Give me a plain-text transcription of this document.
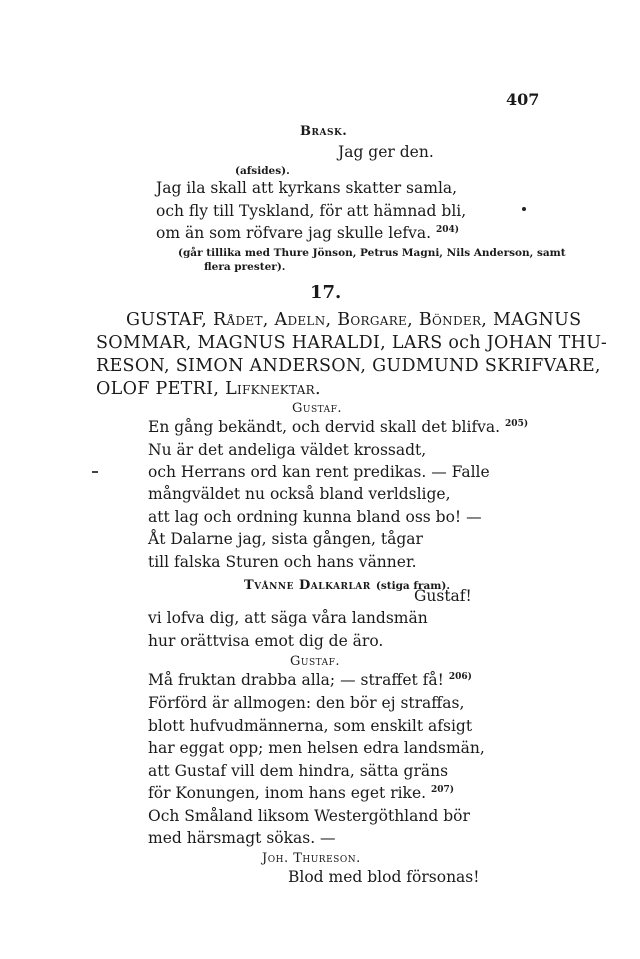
407
Brask.
Jag ger den.
(afsides).
Jag ila skall att kyrkans skatter samla,
och fly till Tyskland, för att hämnad bli,
om än som röfvare jag skulle lefva. $^{204)}$
(går tillika med Thure Jönson, Petrus Magni, Nils Anderson, samt
flera prester).
17.
GUSTAF, Rådet, Adeln, Borgare, Bönder, MAGNUS
SOMMAR, MAGNUS HARALDI, LARS och JOHAN THU-
RESON, SIMON ANDERSON, GUDMUND SKRIFVARE,
OLOF PETRI, Lifknektar.
Gustaf.
En gång bekändt, och dervid skall det blifva. $^{205)}$
Nu är det andeliga väldet krossadt,
och Herrans ord kan rent predikas. — Falle
mångväldet nu också bland verldslige,
att lag och ordning kunna bland oss bo! —
Åt Dalarne jag, sista gången, tågar
till falska Sturen och hans vänner.
Tvånne Dalkarlar (stiga fram).
Gustaf!
vi lofva dig, att säga våra landsmän
hur orättvisa emot dig de äro.
Gustaf.
Må fruktan drabba alla; — straffet få! $^{206)}$
Förförd är allmogen: den bör ej straffas,
blott hufvudmännerna, som enskilt afsigt
har eggat opp; men helsen edra landsmän,
att Gustaf vill dem hindra, sätta gräns
för Konungen, inom hans eget rike. $^{207)}$
Och Småland liksom Westergöthland bör
med härsmagt sökas. —
Joh. Thureson.
Blod med blod försonas!
